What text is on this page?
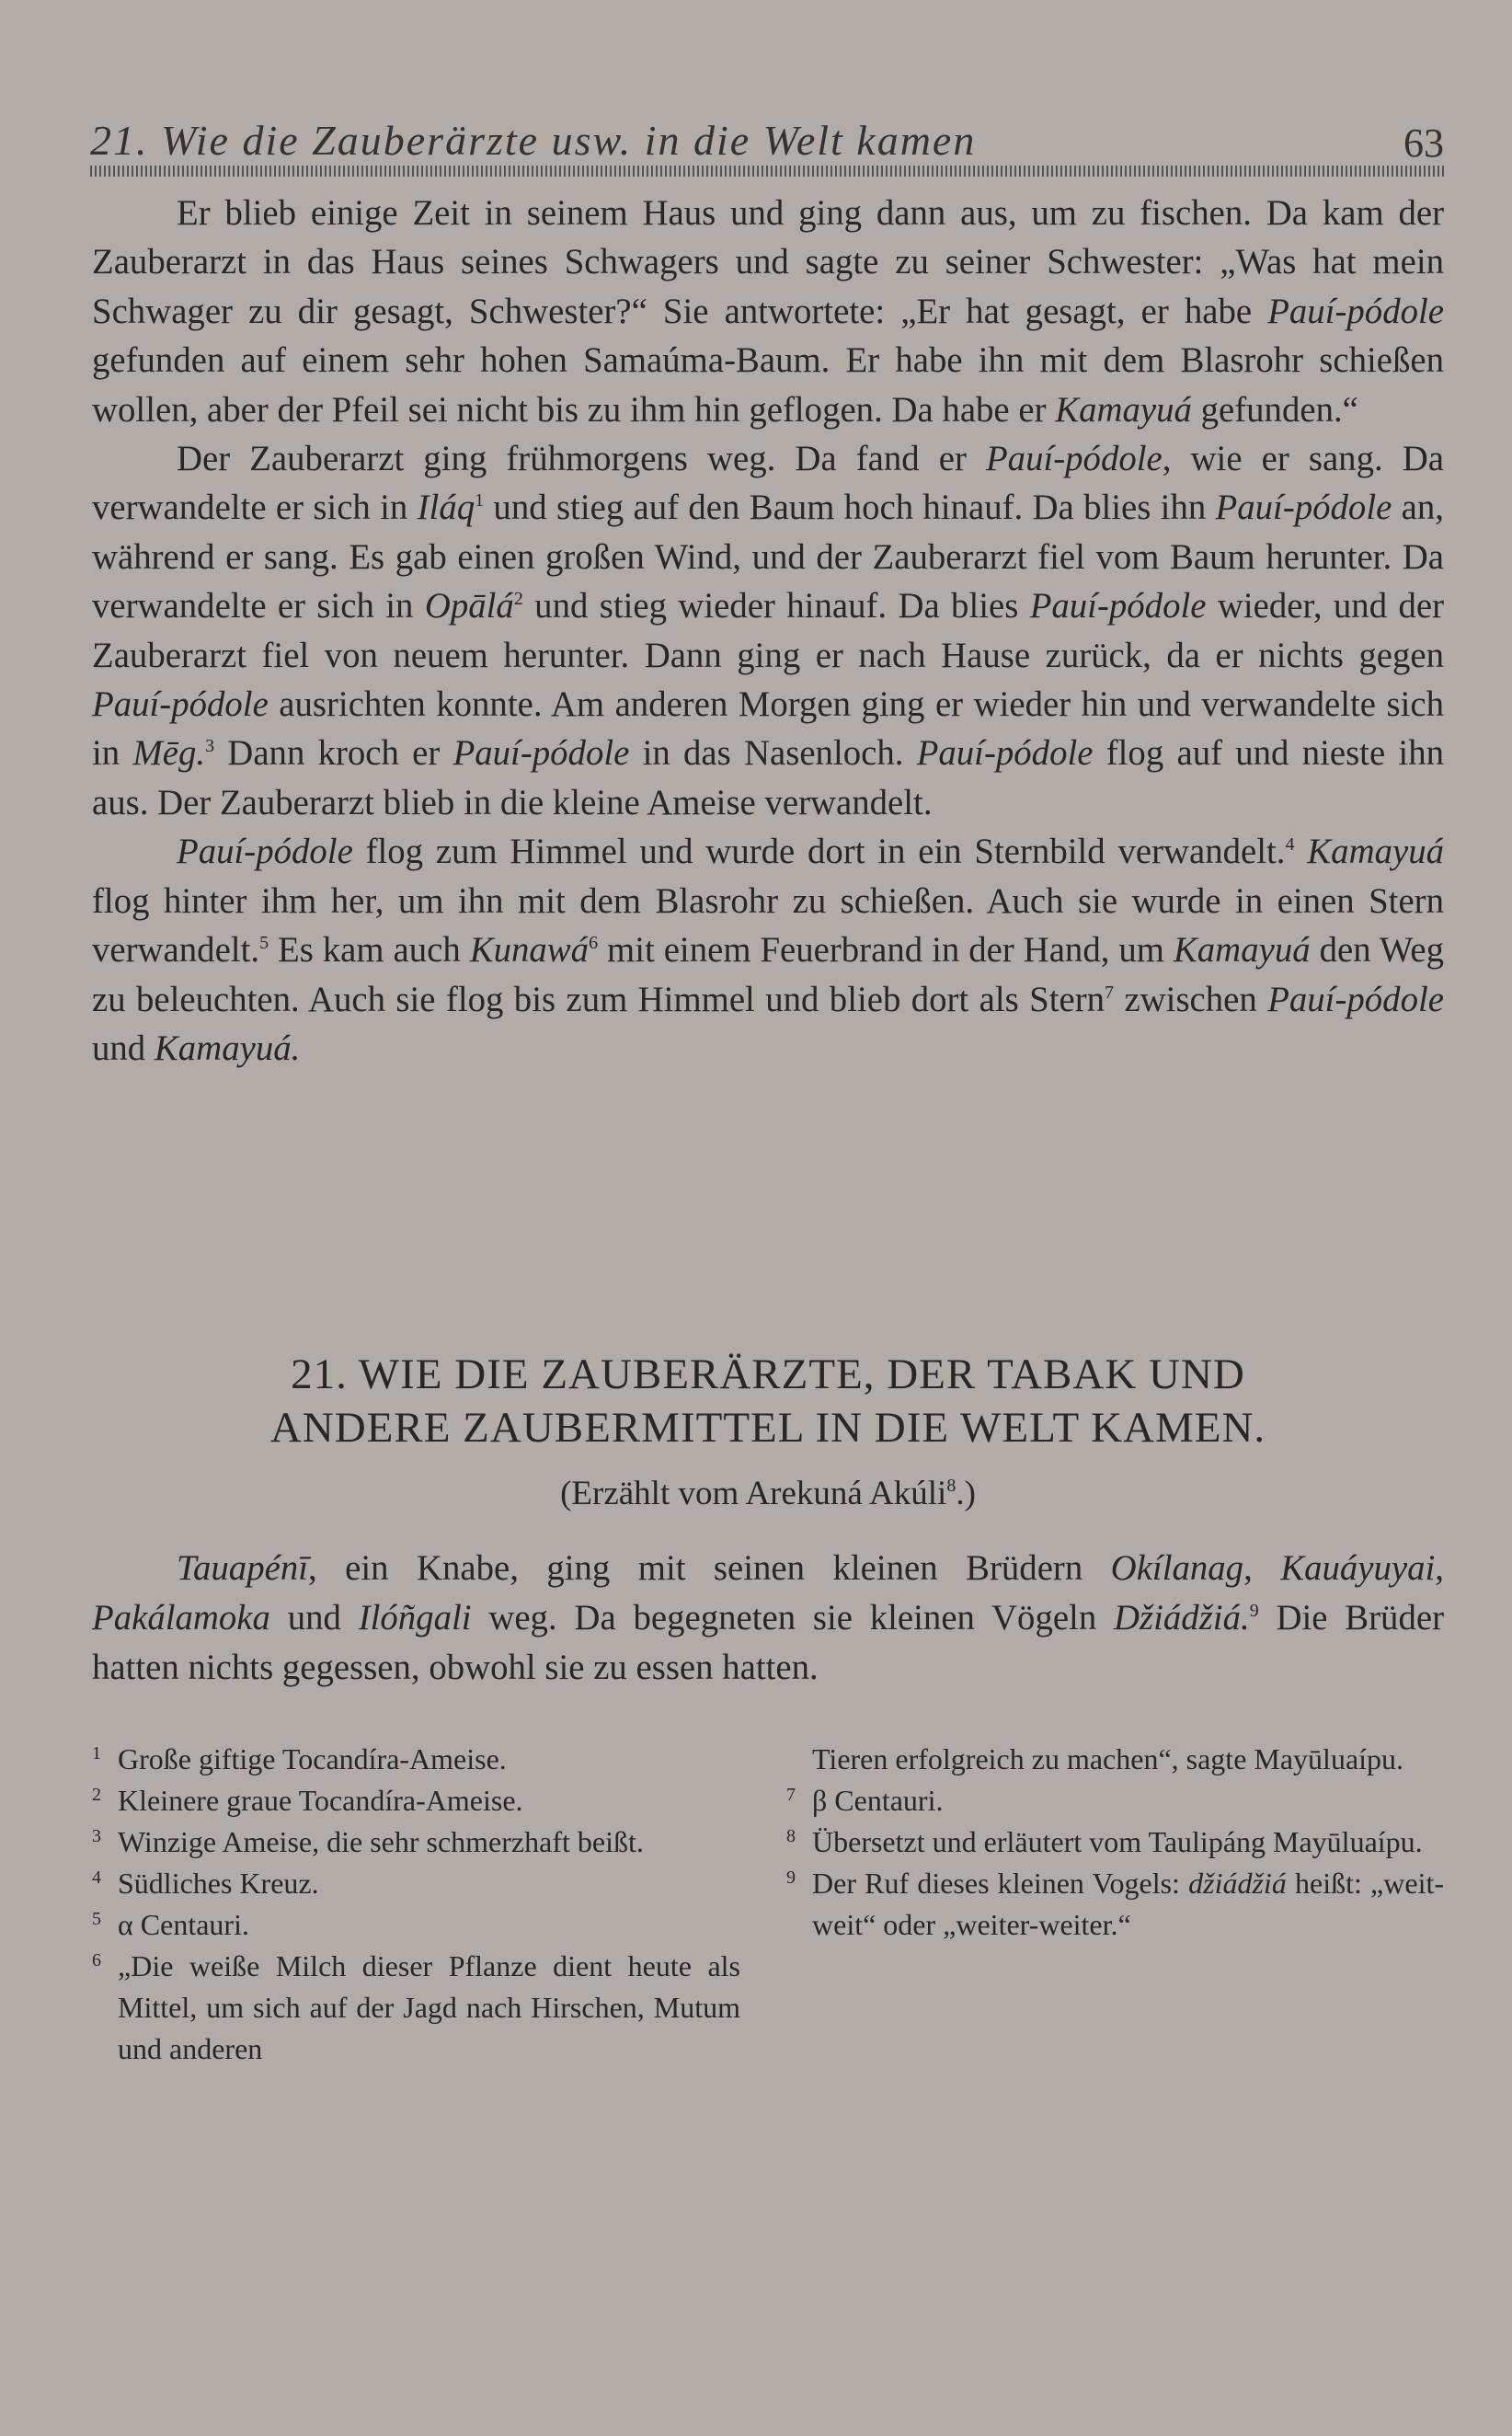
21. Wie die Zauberärzte usw. in die Welt kamen	63

Er blieb einige Zeit in seinem Haus und ging dann aus, um zu fischen. Da kam der Zauberarzt in das Haus seines Schwagers und sagte zu seiner Schwester: „Was hat mein Schwager zu dir gesagt, Schwester?“ Sie antwortete: „Er hat gesagt, er habe Pauí-pódole gefunden auf einem sehr hohen Samaúma-Baum. Er habe ihn mit dem Blasrohr schießen wollen, aber der Pfeil sei nicht bis zu ihm hin geflogen. Da habe er Kamayuá gefunden.“

Der Zauberarzt ging frühmorgens weg. Da fand er Pauí-pódole, wie er sang. Da verwandelte er sich in Iláq$^1$ und stieg auf den Baum hoch hinauf. Da blies ihn Pauí-pódole an, während er sang. Es gab einen großen Wind, und der Zauberarzt fiel vom Baum herunter. Da verwandelte er sich in Opālá$^2$ und stieg wieder hinauf. Da blies Pauí-pódole wieder, und der Zauberarzt fiel von neuem herunter. Dann ging er nach Hause zurück, da er nichts gegen Pauí-pódole ausrichten konnte. Am anderen Morgen ging er wieder hin und verwandelte sich in Mēg.$^3$ Dann kroch er Pauí-pódole in das Nasenloch. Pauí-pódole flog auf und nieste ihn aus. Der Zauberarzt blieb in die kleine Ameise verwandelt.

Pauí-pódole flog zum Himmel und wurde dort in ein Sternbild verwandelt.$^4$ Kamayuá flog hinter ihm her, um ihn mit dem Blasrohr zu schießen. Auch sie wurde in einen Stern verwandelt.$^5$ Es kam auch Kunawá$^6$ mit einem Feuerbrand in der Hand, um Kamayuá den Weg zu beleuchten. Auch sie flog bis zum Himmel und blieb dort als Stern$^7$ zwischen Pauí-pódole und Kamayuá.

21. WIE DIE ZAUBERÄRZTE, DER TABAK UND
ANDERE ZAUBERMITTEL IN DIE WELT KAMEN.
(Erzählt vom Arekuná Akúli$^8$.)

Tauapénī, ein Knabe, ging mit seinen kleinen Brüdern Okílanag, Kauáyuyai, Pakálamoka und Ilóñgali weg. Da begegneten sie kleinen Vögeln Džiádžiá.$^9$ Die Brüder hatten nichts gegessen, obwohl sie zu essen hatten.

1 Große giftige Tocandíra-Ameise.
2 Kleinere graue Tocandíra-Ameise.
3 Winzige Ameise, die sehr schmerzhaft beißt.
4 Südliches Kreuz.
5 α Centauri.
6 „Die weiße Milch dieser Pflanze dient heute als Mittel, um sich auf der Jagd nach Hirschen, Mutum und anderen
Tieren erfolgreich zu machen“, sagte Mayūluaípu.
7 β Centauri.
8 Übersetzt und erläutert vom Taulipáng Mayūluaípu.
9 Der Ruf dieses kleinen Vogels: džiádžiá heißt: „weit-weit“ oder „weiter-weiter.“
